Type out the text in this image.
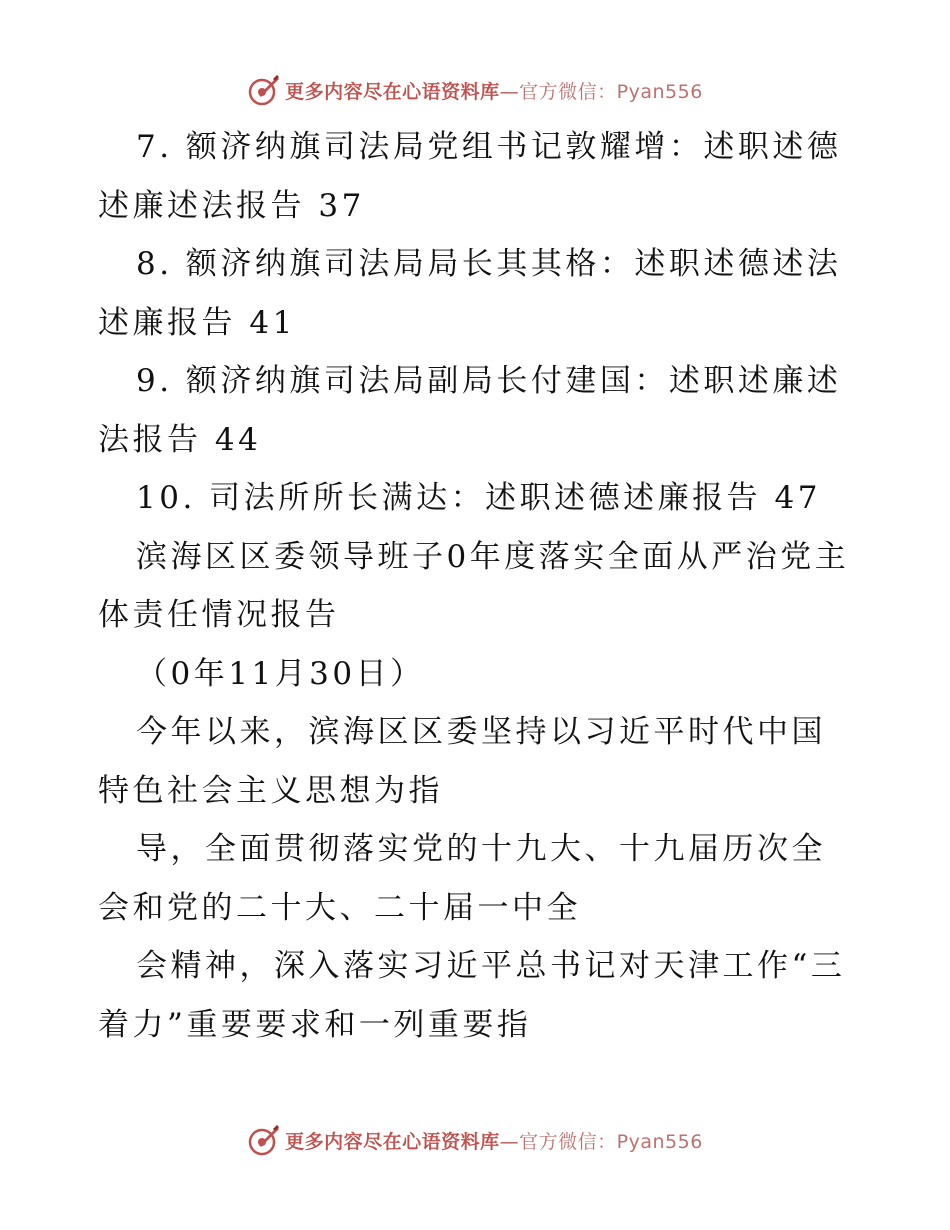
更多内容尽在心语资料库—官方微信：Pyan556

7. 额济纳旗司法局党组书记敦耀增：述职述德述廉述法报告 37

8. 额济纳旗司法局局长其其格：述职述德述法述廉报告 41

9. 额济纳旗司法局副局长付建国：述职述廉述法报告 44

10. 司法所所长满达：述职述德述廉报告 47

滨海区区委领导班子0年度落实全面从严治党主体责任情况报告

（0年11月30日）

今年以来，滨海区区委坚持以习近平时代中国特色社会主义思想为指

导，全面贯彻落实党的十九大、十九届历次全会和党的二十大、二十届一中全

会精神，深入落实习近平总书记对天津工作“三着力”重要要求和一列重要指

更多内容尽在心语资料库—官方微信：Pyan556
